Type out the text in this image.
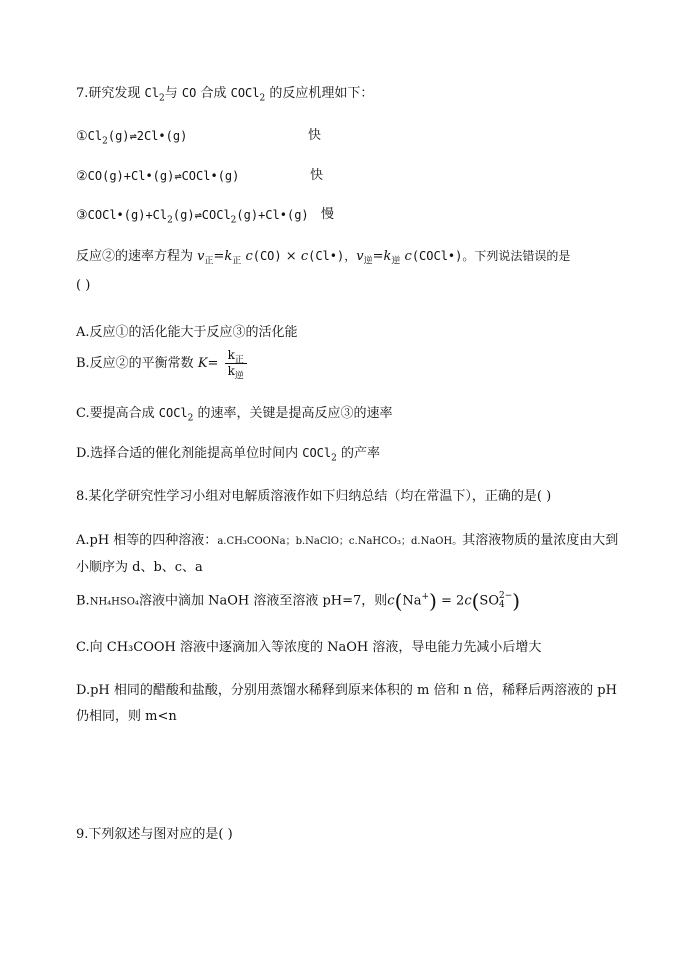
7.研究发现 $Cl_2$与 CO 合成 COCl$_2$ 的反应机理如下：
$①Cl_2(g)\rightleftharpoons 2Cl•(g)$	快
②CO(g)+Cl•(g)⇌COCl•(g)	快
$③COCl•(g)+Cl_2(g)\rightleftharpoons COCl_2(g)+Cl•(g)$ 慢
反应②的速率方程为 $v_正=k_正$ c(CO) × c(Cl•)，$v_逆=k_逆$ c(COCl•)。下列说法错误的是
( )
A.反应①的活化能大于反应③的活化能
B.反应②的平衡常数 $K= \frac{k_正}{k_逆}$
C.要提高合成 COCl$_2$ 的速率，关键是提高反应③的速率
D.选择合适的催化剂能提高单位时间内 COCl$_2$ 的产率
8.某化学研究性学习小组对电解质溶液作如下归纳总结（均在常温下），正确的是( )
A.pH 相等的四种溶液：a.CH₃COONa；b.NaClO；c.NaHCO₃；d.NaOH。其溶液物质的量浓度由大到
小顺序为 d、b、c、a
B.NH₄HSO₄溶液中滴加 NaOH 溶液至溶液 pH=7，则c(Na+) = 2c(SO 2−
4 )
C.向 CH₃COOH 溶液中逐滴加入等浓度的 NaOH 溶液，导电能力先减小后增大
D.pH 相同的醋酸和盐酸，分别用蒸馏水稀释到原来体积的 m 倍和 n 倍，稀释后两溶液的 pH
仍相同，则 m<n
9.下列叙述与图对应的是( )
